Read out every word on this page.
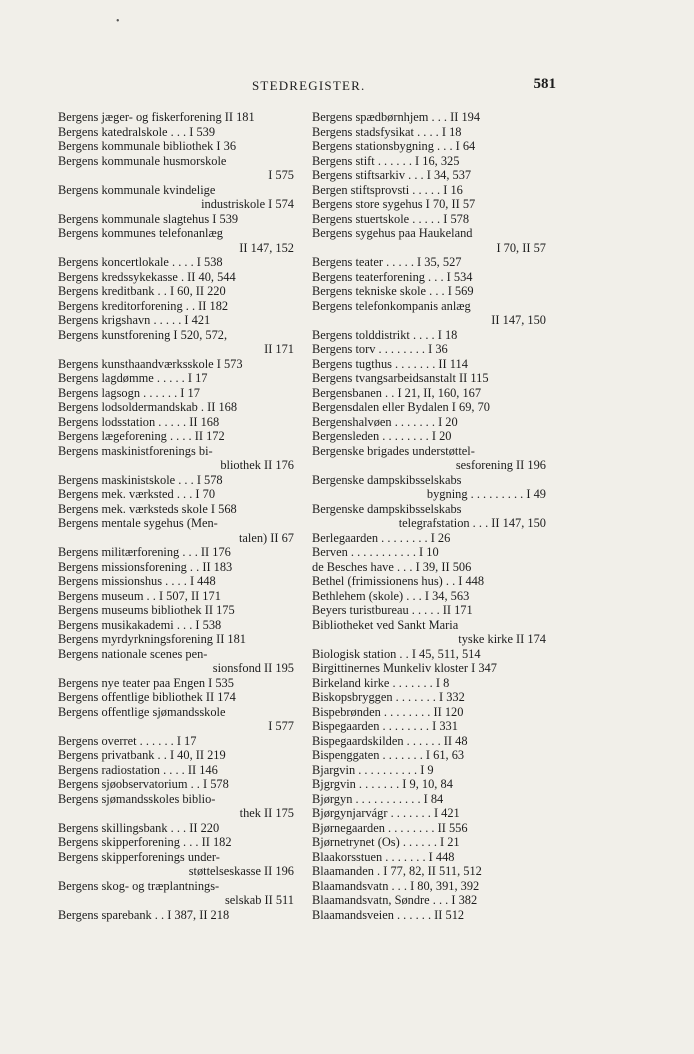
•
STEDREGISTER.	581
Bergens jæger- og fiskerforening II 181
Bergens katedralskole . . . I 539
Bergens kommunale bibliothek I 36
Bergens kommunale husmorskole
I 575
Bergens kommunale kvindelige
industriskole I 574
Bergens kommunale slagtehus I 539
Bergens kommunes telefonanlæg
II 147, 152
Bergens koncertlokale . . . . I 538
Bergens kredssykekasse . II 40, 544
Bergens kreditbank . . I 60, II 220
Bergens kreditorforening . . II 182
Bergens krigshavn . . . . . I 421
Bergens kunstforening I 520, 572,
II 171
Bergens kunsthaandværksskole I 573
Bergens lagdømme . . . . . I 17
Bergens lagsogn . . . . . . I 17
Bergens lodsoldermandskab . II 168
Bergens lodsstation . . . . . II 168
Bergens lægeforening . . . . II 172
Bergens maskinistforenings bi-
bliothek II 176
Bergens maskinistskole . . . I 578
Bergens mek. værksted . . . I 70
Bergens mek. værksteds skole I 568
Bergens mentale sygehus (Men-
talen) II 67
Bergens militærforening . . . II 176
Bergens missionsforening . . II 183
Bergens missionshus . . . . I 448
Bergens museum . . I 507, II 171
Bergens museums bibliothek II 175
Bergens musikakademi . . . I 538
Bergens myrdyrkningsforening II 181
Bergens nationale scenes pen-
sionsfond II 195
Bergens nye teater paa Engen I 535
Bergens offentlige bibliothek II 174
Bergens offentlige sjømandsskole
I 577
Bergens overret . . . . . . I 17
Bergens privatbank . . I 40, II 219
Bergens radiostation . . . . II 146
Bergens sjøobservatorium . . I 578
Bergens sjømandsskoles biblio-
thek II 175
Bergens skillingsbank . . . II 220
Bergens skipperforening . . . II 182
Bergens skipperforenings under-
støttelseskasse II 196
Bergens skog- og træplantnings-
selskab II 511
Bergens sparebank . . I 387, II 218
Bergens spædbørnhjem . . . II 194
Bergens stadsfysikat . . . . I 18
Bergens stationsbygning . . . I 64
Bergens stift . . . . . . I 16, 325
Bergens stiftsarkiv . . . I 34, 537
Bergen stiftsprovsti . . . . . I 16
Bergens store sygehus I 70, II 57
Bergens stuertskole . . . . . I 578
Bergens sygehus paa Haukeland
I 70, II 57
Bergens teater . . . . . I 35, 527
Bergens teaterforening . . . I 534
Bergens tekniske skole . . . I 569
Bergens telefonkompanis anlæg
II 147, 150
Bergens tolddistrikt . . . . I 18
Bergens torv . . . . . . . . I 36
Bergens tugthus . . . . . . . II 114
Bergens tvangsarbeidsanstalt II 115
Bergensbanen . . I 21, II, 160, 167
Bergensdalen eller Bydalen I 69, 70
Bergenshalvøen . . . . . . . I 20
Bergensleden . . . . . . . . I 20
Bergenske brigades understøttel-
sesforening II 196
Bergenske dampskibsselskabs
bygning . . . . . . . . . I 49
Bergenske dampskibsselskabs
telegrafstation . . . II 147, 150
Berlegaarden . . . . . . . . I 26
Berven . . . . . . . . . . . I 10
de Besches have . . . I 39, II 506
Bethel (frimissionens hus) . . I 448
Bethlehem (skole) . . . I 34, 563
Beyers turistbureau . . . . . II 171
Bibliotheket ved Sankt Maria
tyske kirke II 174
Biologisk station . . I 45, 511, 514
Birgittinernes Munkeliv kloster I 347
Birkeland kirke . . . . . . . I 8
Biskopsbryggen . . . . . . . I 332
Bispebrønden . . . . . . . . II 120
Bispegaarden . . . . . . . . I 331
Bispegaardskilden . . . . . . II 48
Bispenggaten . . . . . . . I 61, 63
Bjargvin . . . . . . . . . . I 9
Bjgrgvin . . . . . . . I 9, 10, 84
Bjørgyn . . . . . . . . . . . I 84
Bjørgynjarvágr . . . . . . . I 421
Bjørnegaarden . . . . . . . . II 556
Bjørnetrynet (Os) . . . . . . I 21
Blaakorsstuen . . . . . . . I 448
Blaamanden . I 77, 82, II 511, 512
Blaamandsvatn . . . I 80, 391, 392
Blaamandsvatn, Søndre . . . I 382
Blaamandsveien . . . . . . II 512
